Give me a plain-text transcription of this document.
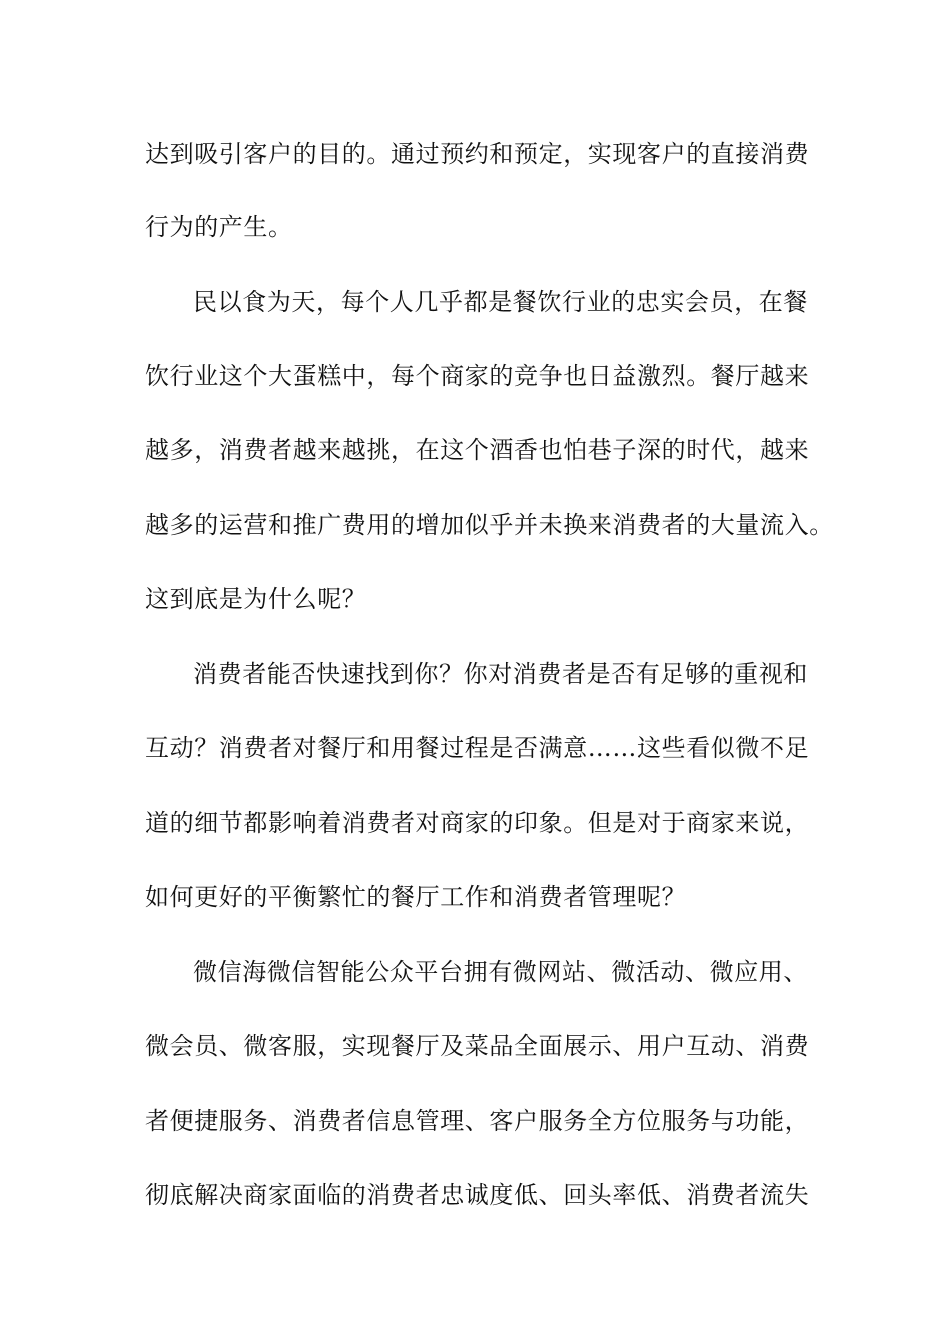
达到吸引客户的目的。通过预约和预定，实现客户的直接消费
行为的产生。
民以食为天，每个人几乎都是餐饮行业的忠实会员，在餐
饮行业这个大蛋糕中，每个商家的竞争也日益激烈。餐厅越来
越多，消费者越来越挑，在这个酒香也怕巷子深的时代，越来
越多的运营和推广费用的增加似乎并未换来消费者的大量流入。
这到底是为什么呢？
消费者能否快速找到你？你对消费者是否有足够的重视和
互动？消费者对餐厅和用餐过程是否满意……这些看似微不足
道的细节都影响着消费者对商家的印象。但是对于商家来说，
如何更好的平衡繁忙的餐厅工作和消费者管理呢？
微信海微信智能公众平台拥有微网站、微活动、微应用、
微会员、微客服，实现餐厅及菜品全面展示、用户互动、消费
者便捷服务、消费者信息管理、客户服务全方位服务与功能，
彻底解决商家面临的消费者忠诚度低、回头率低、消费者流失
